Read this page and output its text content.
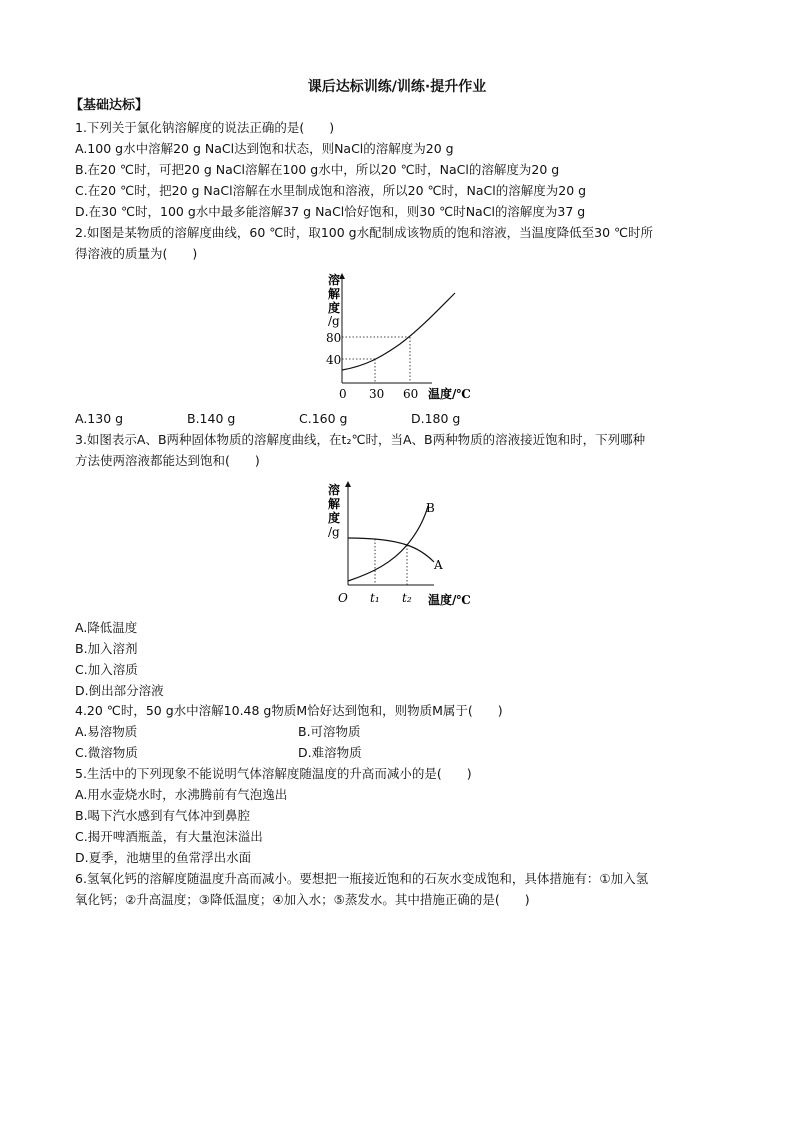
课后达标训练/训练·提升作业
【基础达标】
1.下列关于氯化钠溶解度的说法正确的是(　　)
A.100 g水中溶解20 g NaCl达到饱和状态，则NaCl的溶解度为20 g
B.在20 ℃时，可把20 g NaCl溶解在100 g水中，所以20 ℃时，NaCl的溶解度为20 g
C.在20 ℃时，把20 g NaCl溶解在水里制成饱和溶液，所以20 ℃时，NaCl的溶解度为20 g
D.在30 ℃时，100 g水中最多能溶解37 g NaCl恰好饱和，则30 ℃时NaCl的溶解度为37 g
2.如图是某物质的溶解度曲线，60 ℃时，取100 g水配制成该物质的饱和溶液，当温度降低至30 ℃时所
得溶液的质量为(　　)
溶
解
度
/g
80
40
0 30 60 温度/℃
A.130 g	B.140 g	C.160 g	D.180 g
3.如图表示A、B两种固体物质的溶解度曲线，在t₂℃时，当A、B两种物质的溶液接近饱和时，下列哪种
方法使两溶液都能达到饱和(　　)
溶
解
度
/g
O t₁ t₂ 温度/℃
A
B
A.降低温度
B.加入溶剂
C.加入溶质
D.倒出部分溶液
4.20 ℃时，50 g水中溶解10.48 g物质M恰好达到饱和，则物质M属于(　　)
A.易溶物质	B.可溶物质
C.微溶物质	D.难溶物质
5.生活中的下列现象不能说明气体溶解度随温度的升高而减小的是(　　)
A.用水壶烧水时，水沸腾前有气泡逸出
B.喝下汽水感到有气体冲到鼻腔
C.揭开啤酒瓶盖，有大量泡沫溢出
D.夏季，池塘里的鱼常浮出水面
6.氢氧化钙的溶解度随温度升高而减小。要想把一瓶接近饱和的石灰水变成饱和，具体措施有：①加入氢
氧化钙；②升高温度；③降低温度；④加入水；⑤蒸发水。其中措施正确的是(　　)
